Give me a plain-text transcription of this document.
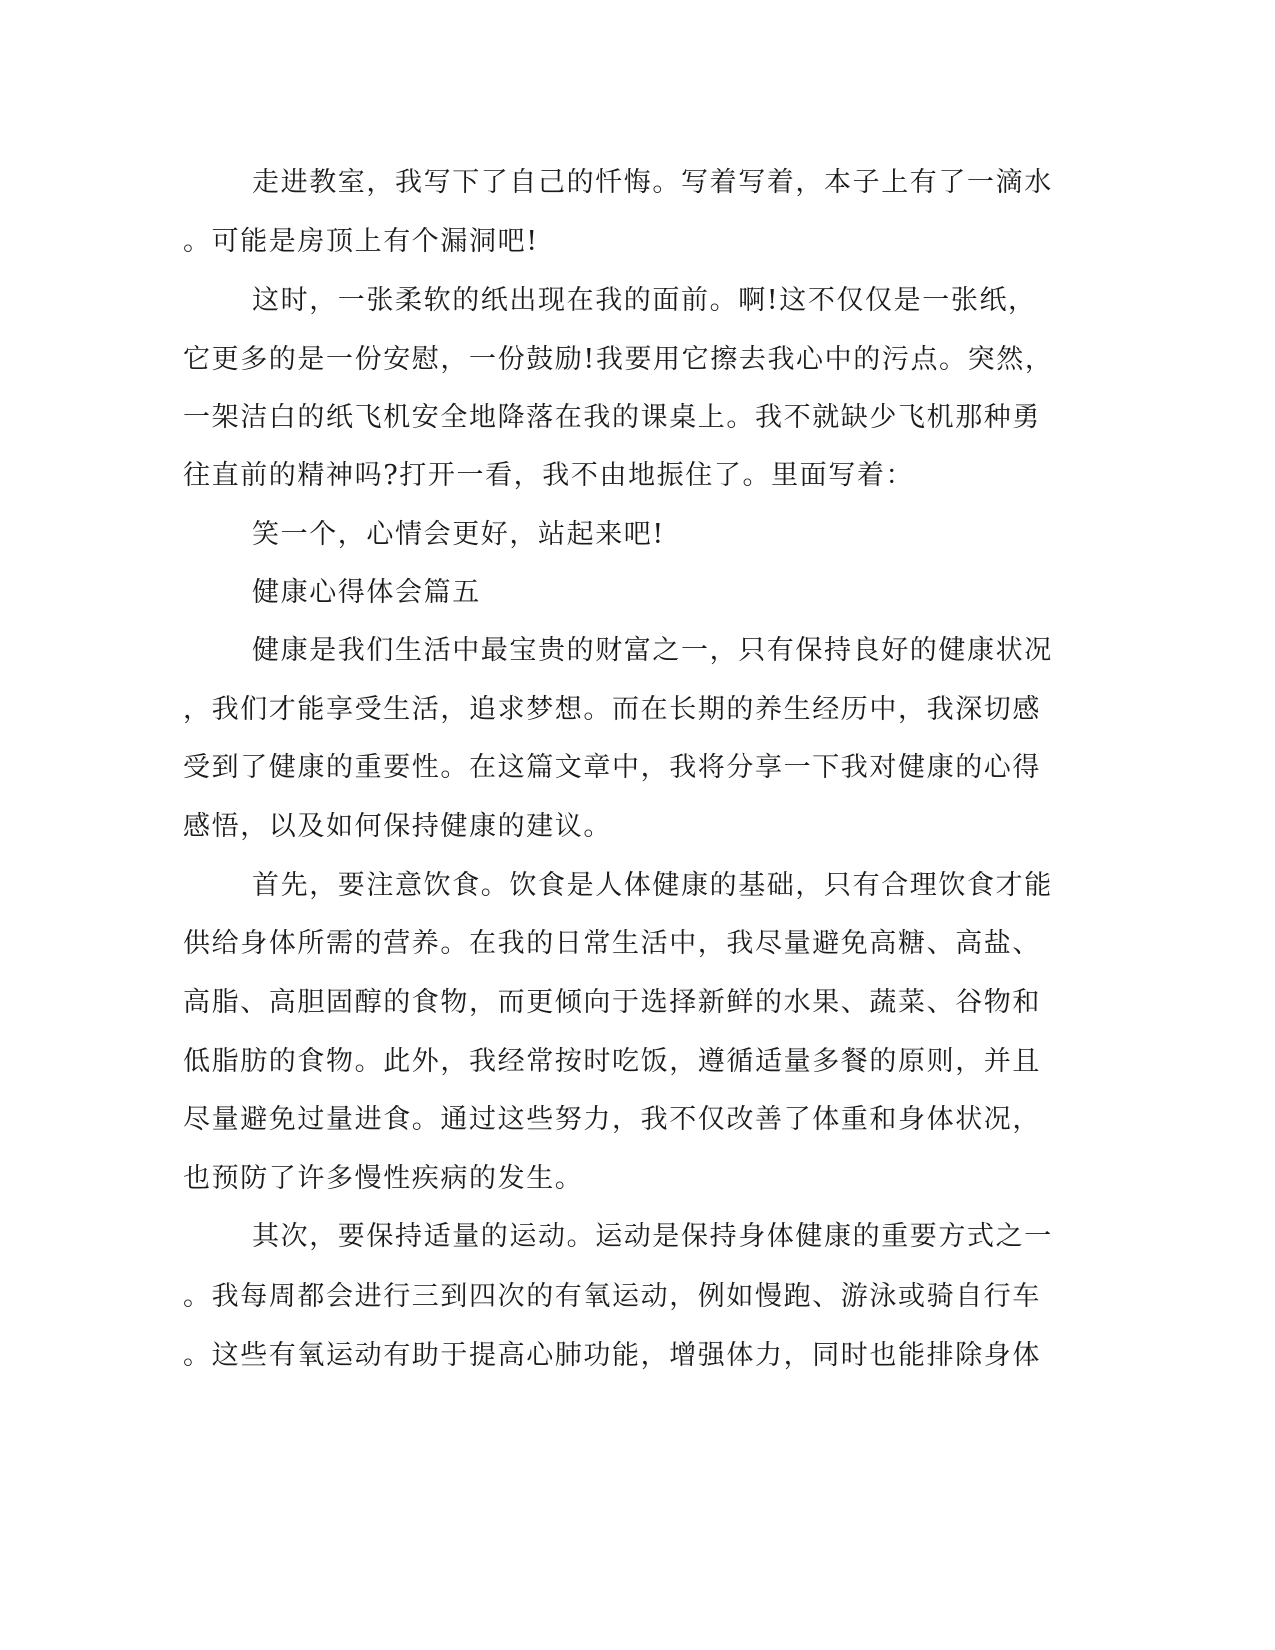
走进教室，我写下了自己的忏悔。写着写着，本子上有了一滴水

。可能是房顶上有个漏洞吧!

这时，一张柔软的纸出现在我的面前。啊!这不仅仅是一张纸，

它更多的是一份安慰，一份鼓励!我要用它擦去我心中的污点。突然，

一架洁白的纸飞机安全地降落在我的课桌上。我不就缺少飞机那种勇

往直前的精神吗?打开一看，我不由地振住了。里面写着：

笑一个，心情会更好，站起来吧!

健康心得体会篇五

健康是我们生活中最宝贵的财富之一，只有保持良好的健康状况

，我们才能享受生活，追求梦想。而在长期的养生经历中，我深切感

受到了健康的重要性。在这篇文章中，我将分享一下我对健康的心得

感悟，以及如何保持健康的建议。

首先，要注意饮食。饮食是人体健康的基础，只有合理饮食才能

供给身体所需的营养。在我的日常生活中，我尽量避免高糖、高盐、

高脂、高胆固醇的食物，而更倾向于选择新鲜的水果、蔬菜、谷物和

低脂肪的食物。此外，我经常按时吃饭，遵循适量多餐的原则，并且

尽量避免过量进食。通过这些努力，我不仅改善了体重和身体状况，

也预防了许多慢性疾病的发生。

其次，要保持适量的运动。运动是保持身体健康的重要方式之一

。我每周都会进行三到四次的有氧运动，例如慢跑、游泳或骑自行车

。这些有氧运动有助于提高心肺功能，增强体力，同时也能排除身体
